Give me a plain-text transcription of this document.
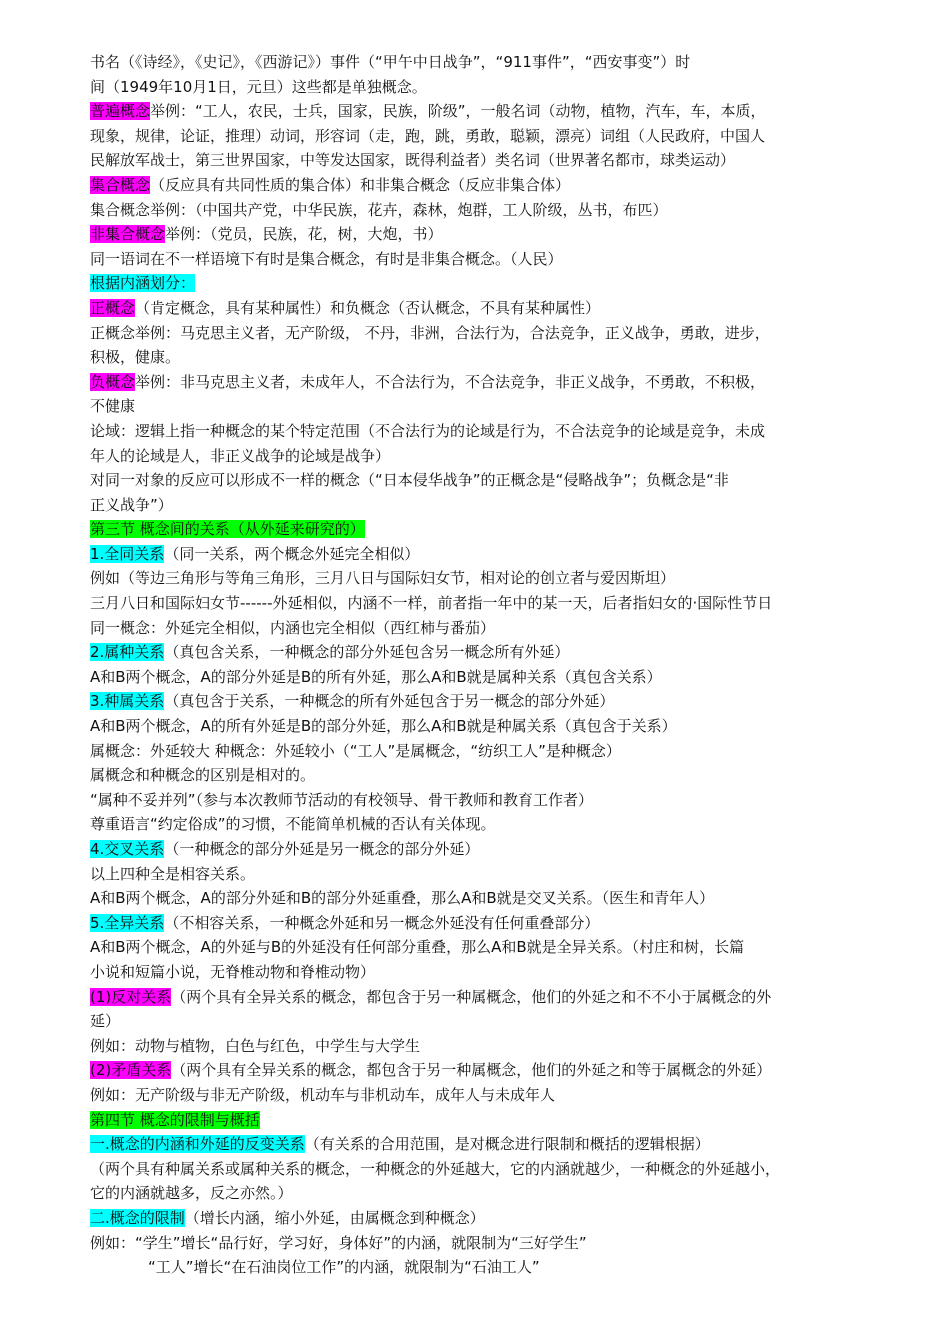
书名（《诗经》，《史记》，《西游记》）事件（“甲午中日战争”，“911事件”，“西安事变”）时
间（1949年10月1日，元旦）这些都是单独概念。
普遍概念举例：“工人，农民，士兵，国家，民族，阶级”，一般名词（动物，植物，汽车，车，本质，
现象，规律，论证，推理）动词，形容词（走，跑，跳，勇敢，聪颖，漂亮）词组（人民政府，中国人
民解放军战士，第三世界国家，中等发达国家，既得利益者）类名词（世界著名都市，球类运动）
集合概念（反应具有共同性质的集合体）和非集合概念（反应非集合体）
集合概念举例：（中国共产党，中华民族，花卉，森林，炮群，工人阶级，丛书，布匹）
非集合概念举例：（党员，民族，花，树，大炮，书）
同一语词在不一样语境下有时是集合概念，有时是非集合概念。（人民）
根据内涵划分：
正概念（肯定概念，具有某种属性）和负概念（否认概念，不具有某种属性）
正概念举例：马克思主义者，无产阶级， 不丹，非洲，合法行为，合法竞争，正义战争，勇敢，进步，
积极，健康。
负概念举例：非马克思主义者，未成年人，不合法行为，不合法竞争，非正义战争，不勇敢，不积极，
不健康
论域：逻辑上指一种概念的某个特定范围（不合法行为的论域是行为，不合法竞争的论域是竞争，未成
年人的论域是人，非正义战争的论域是战争）
对同一对象的反应可以形成不一样的概念（“日本侵华战争”的正概念是“侵略战争”；负概念是“非
正义战争”）
第三节 概念间的关系（从外延来研究的）
1.全同关系（同一关系，两个概念外延完全相似）
例如（等边三角形与等角三角形，三月八日与国际妇女节，相对论的创立者与爱因斯坦）
三月八日和国际妇女节------外延相似，内涵不一样，前者指一年中的某一天，后者指妇女的·国际性节日
同一概念：外延完全相似，内涵也完全相似（西红柿与番茄）
2.属种关系（真包含关系，一种概念的部分外延包含另一概念所有外延）
A和B两个概念，A的部分外延是B的所有外延，那么A和B就是属种关系（真包含关系）
3.种属关系（真包含于关系，一种概念的所有外延包含于另一概念的部分外延）
A和B两个概念，A的所有外延是B的部分外延，那么A和B就是种属关系（真包含于关系）
属概念：外延较大 种概念：外延较小（“工人”是属概念，“纺织工人”是种概念）
属概念和种概念的区别是相对的。
“属种不妥并列”（参与本次教师节活动的有校领导、骨干教师和教育工作者）
尊重语言“约定俗成”的习惯，不能简单机械的否认有关体现。
4.交叉关系（一种概念的部分外延是另一概念的部分外延）
以上四种全是相容关系。
A和B两个概念，A的部分外延和B的部分外延重叠，那么A和B就是交叉关系。（医生和青年人）
5.全异关系（不相容关系，一种概念外延和另一概念外延没有任何重叠部分）
A和B两个概念，A的外延与B的外延没有任何部分重叠，那么A和B就是全异关系。（村庄和树，长篇
小说和短篇小说，无脊椎动物和脊椎动物）
(1)反对关系（两个具有全异关系的概念，都包含于另一种属概念，他们的外延之和不不小于属概念的外
延）
例如：动物与植物，白色与红色，中学生与大学生
(2)矛盾关系（两个具有全异关系的概念，都包含于另一种属概念，他们的外延之和等于属概念的外延）
例如：无产阶级与非无产阶级，机动车与非机动车，成年人与未成年人
第四节 概念的限制与概括
一.概念的内涵和外延的反变关系（有关系的合用范围，是对概念进行限制和概括的逻辑根据）
（两个具有种属关系或属种关系的概念，一种概念的外延越大，它的内涵就越少，一种概念的外延越小，
它的内涵就越多，反之亦然。）
二.概念的限制（增长内涵，缩小外延，由属概念到种概念）
例如：“学生”增长“品行好，学习好，身体好”的内涵，就限制为“三好学生”
“工人”增长“在石油岗位工作”的内涵，就限制为“石油工人”
